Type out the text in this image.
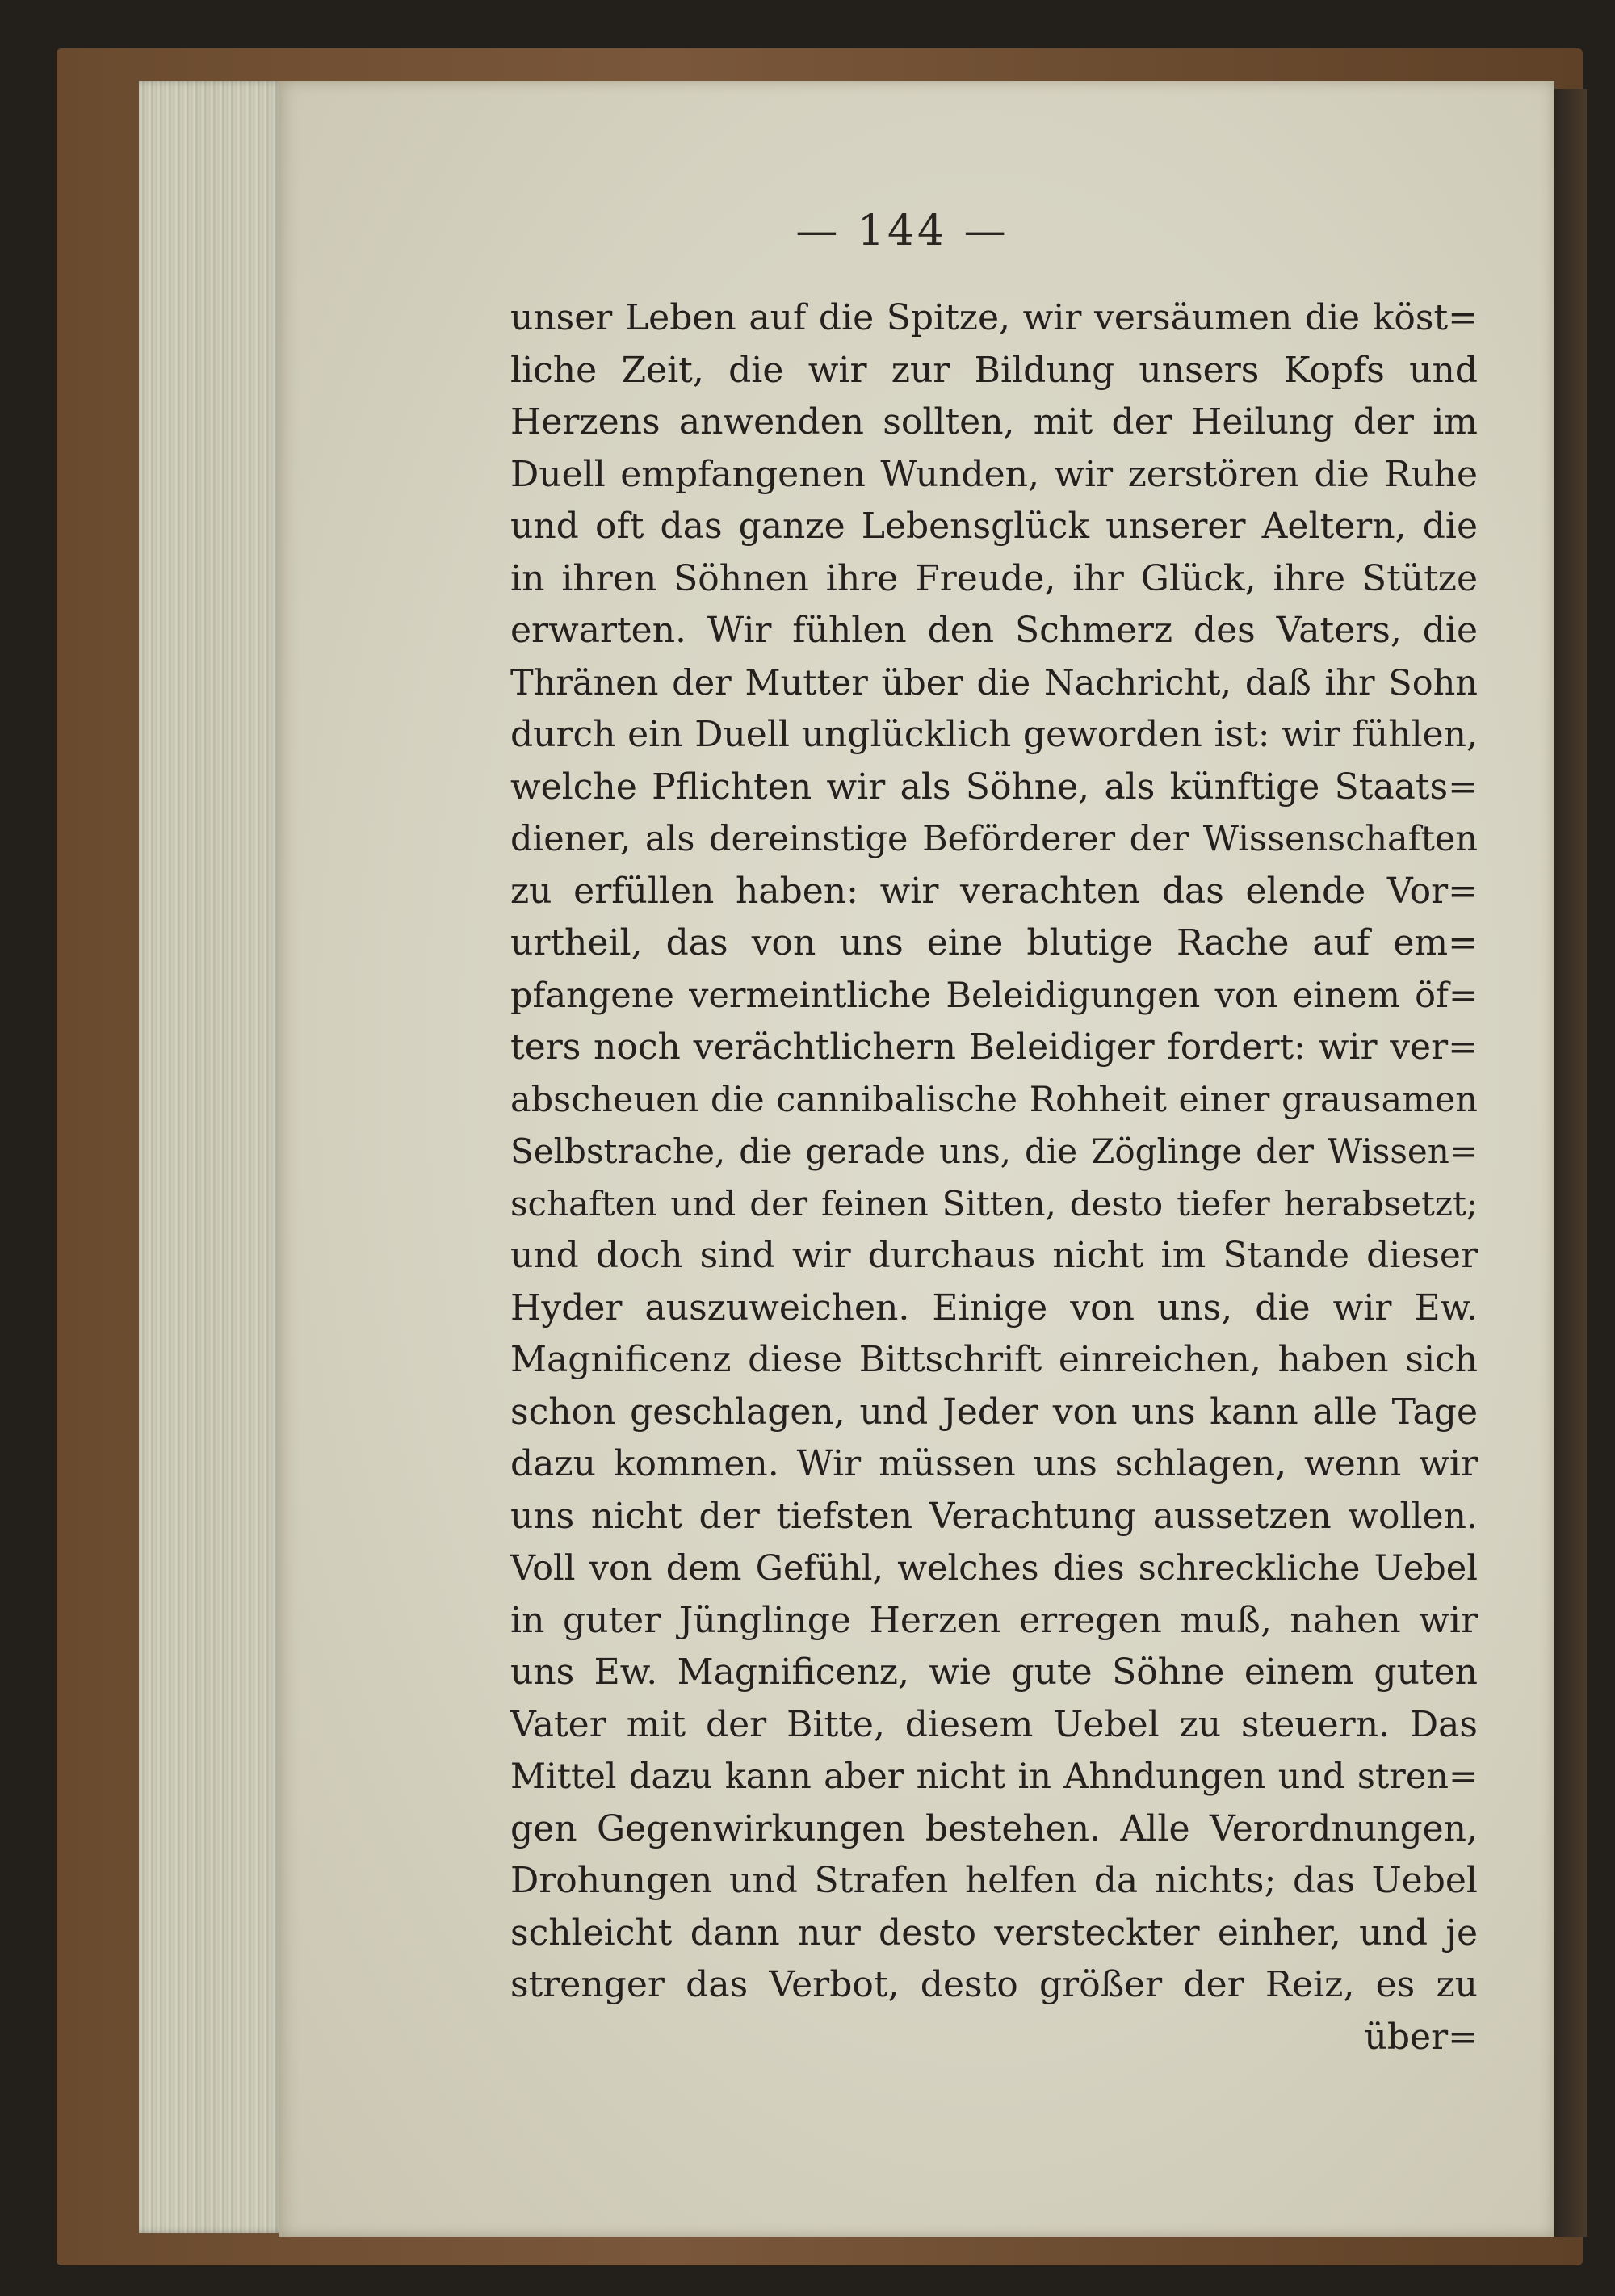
— 144 —
unser Leben auf die Spitze, wir versäumen die köst=
liche Zeit, die wir zur Bildung unsers Kopfs und
Herzens anwenden sollten, mit der Heilung der im
Duell empfangenen Wunden, wir zerstören die Ruhe
und oft das ganze Lebensglück unserer Aeltern, die
in ihren Söhnen ihre Freude, ihr Glück, ihre Stütze
erwarten. Wir fühlen den Schmerz des Vaters, die
Thränen der Mutter über die Nachricht, daß ihr Sohn
durch ein Duell unglücklich geworden ist: wir fühlen,
welche Pflichten wir als Söhne, als künftige Staats=
diener, als dereinstige Beförderer der Wissenschaften
zu erfüllen haben: wir verachten das elende Vor=
urtheil, das von uns eine blutige Rache auf em=
pfangene vermeintliche Beleidigungen von einem öf=
ters noch verächtlichern Beleidiger fordert: wir ver=
abscheuen die cannibalische Rohheit einer grausamen
Selbstrache, die gerade uns, die Zöglinge der Wissen=
schaften und der feinen Sitten, desto tiefer herabsetzt;
und doch sind wir durchaus nicht im Stande dieser
Hyder auszuweichen. Einige von uns, die wir Ew.
Magnificenz diese Bittschrift einreichen, haben sich
schon geschlagen, und Jeder von uns kann alle Tage
dazu kommen. Wir müssen uns schlagen, wenn wir
uns nicht der tiefsten Verachtung aussetzen wollen.
Voll von dem Gefühl, welches dies schreckliche Uebel
in guter Jünglinge Herzen erregen muß, nahen wir
uns Ew. Magnificenz, wie gute Söhne einem guten
Vater mit der Bitte, diesem Uebel zu steuern. Das
Mittel dazu kann aber nicht in Ahndungen und stren=
gen Gegenwirkungen bestehen. Alle Verordnungen,
Drohungen und Strafen helfen da nichts; das Uebel
schleicht dann nur desto versteckter einher, und je
strenger das Verbot, desto größer der Reiz, es zu
über=
